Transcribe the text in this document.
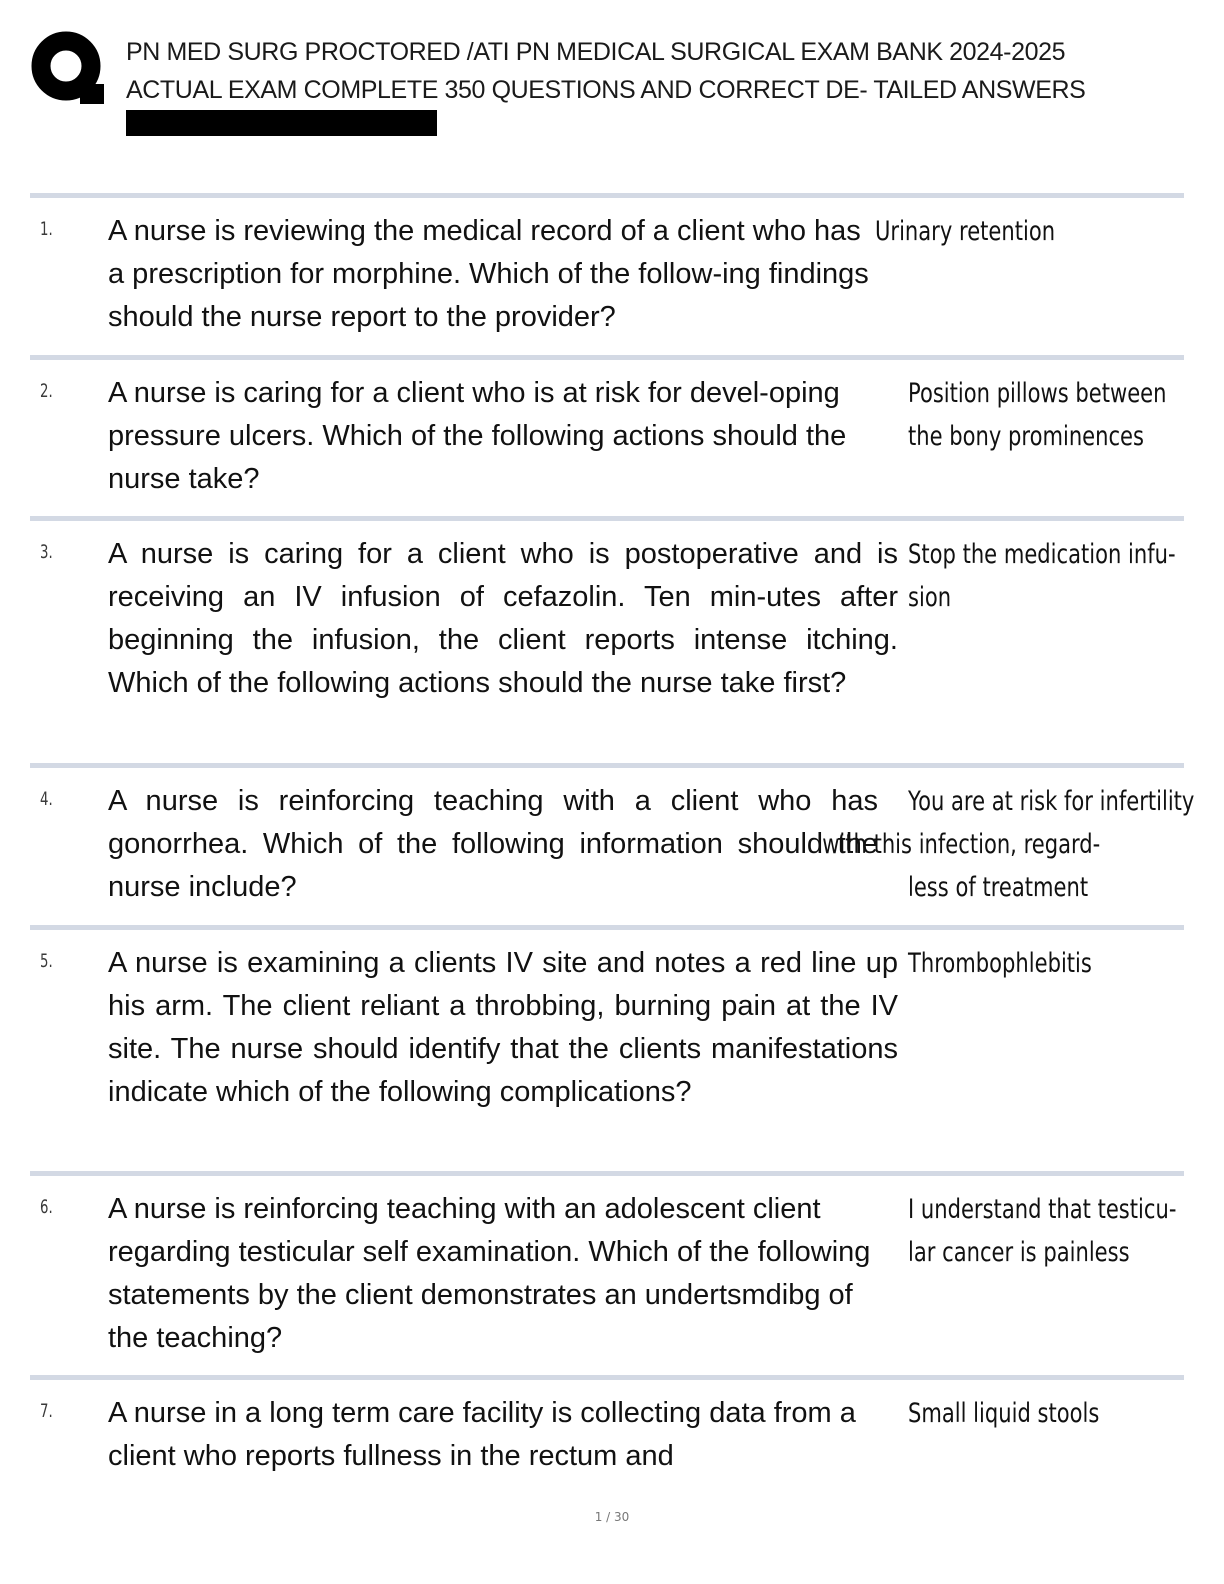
PN MED SURG PROCTORED /ATI PN MEDICAL SURGICAL EXAM BANK 2024-2025
ACTUAL EXAM COMPLETE 350 QUESTIONS AND CORRECT DE- TAILED ANSWERS
1. A nurse is reviewing the medical record of a client who has a prescription for morphine. Which of the follow-ing findings should the nurse report to the provider?
Urinary retention
2. A nurse is caring for a client who is at risk for devel-oping pressure ulcers. Which of the following actions should the nurse take?
Position pillows between
the bony prominences
3. A nurse is caring for a client who is postoperative and is receiving an IV infusion of cefazolin. Ten min-utes after beginning the infusion, the client reports intense itching. Which of the following actions should the nurse take first?
Stop the medication infu-
sion
4. A nurse is reinforcing teaching with a client who has gonorrhea. Which of the following information should the nurse include?
You are at risk for infertility
with this infection, regard-
less of treatment
5. A nurse is examining a clients IV site and notes a red line up his arm. The client reliant a throbbing, burning pain at the IV site. The nurse should identify that the clients manifestations indicate which of the following complications?
Thrombophlebitis
6. A nurse is reinforcing teaching with an adolescent client regarding testicular self examination. Which of the following statements by the client demonstrates an undertsmdibg of the teaching?
I understand that testicu-
lar cancer is painless
7. A nurse in a long term care facility is collecting data from a client who reports fullness in the rectum and
Small liquid stools
1 / 30
